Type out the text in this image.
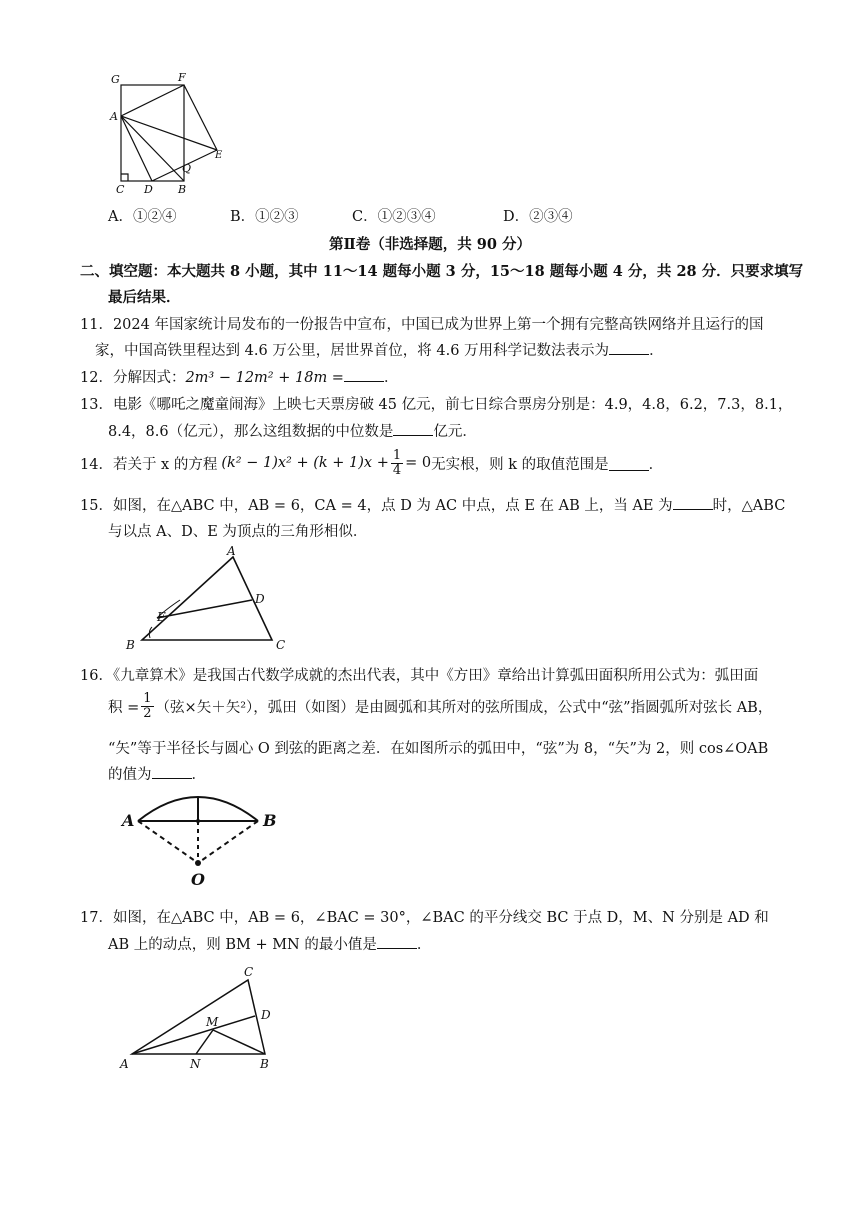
G	F
A
E
Q
C D B
A．①②④	B．①②③	C．①②③④	D．②③④
第Ⅱ卷（非选择题，共 90 分）
二、填空题：本大题共 8 小题，其中 11～14 题每小题 3 分，15～18 题每小题 4 分，共 28 分．只要求填写
最后结果．
11．2024 年国家统计局发布的一份报告中宣布，中国已成为世界上第一个拥有完整高铁网络并且运行的国
家，中国高铁里程达到 4.6 万公里，居世界首位，将 4.6 万用科学记数法表示为	．
12．分解因式：2m³ − 12m² + 18m =	．
13．电影《哪吒之魔童闹海》上映七天票房破 45 亿元，前七日综合票房分别是：4.9，4.8，6.2，7.3，8.1，
8.4，8.6（亿元），那么这组数据的中位数是	亿元．
14．若关于 x 的方程 $(k^2 - 1)x^2 + (k + 1)x + \frac{1}{4} = 0$ 无实根，则 k 的取值范围是	．
15．如图，在△ABC 中，AB = 6，CA = 4，点 D 为 AC 中点，点 E 在 AB 上，当 AE 为	时，△ABC
与以点 A、D、E 为顶点的三角形相似．
A
D
E
B	C
16．《九章算术》是我国古代数学成就的杰出代表，其中《方田》章给出计算弧田面积所用公式为：弧田面
积 = $\frac{1}{2}$ （弦×矢＋矢²），弧田（如图）是由圆弧和其所对的弦所围成，公式中“弦”指圆弧所对弦长 AB，
“矢”等于半径长与圆心 O 到弦的距离之差．在如图所示的弧田中，“弦”为 8，“矢”为 2，则 cos∠OAB
的值为	．
A	B
O
17．如图，在△ABC 中，AB = 6，∠BAC = 30°，∠BAC 的平分线交 BC 于点 D，M、N 分别是 AD 和
AB 上的动点，则 BM + MN 的最小值是	．
C
D
M
A	N	B
